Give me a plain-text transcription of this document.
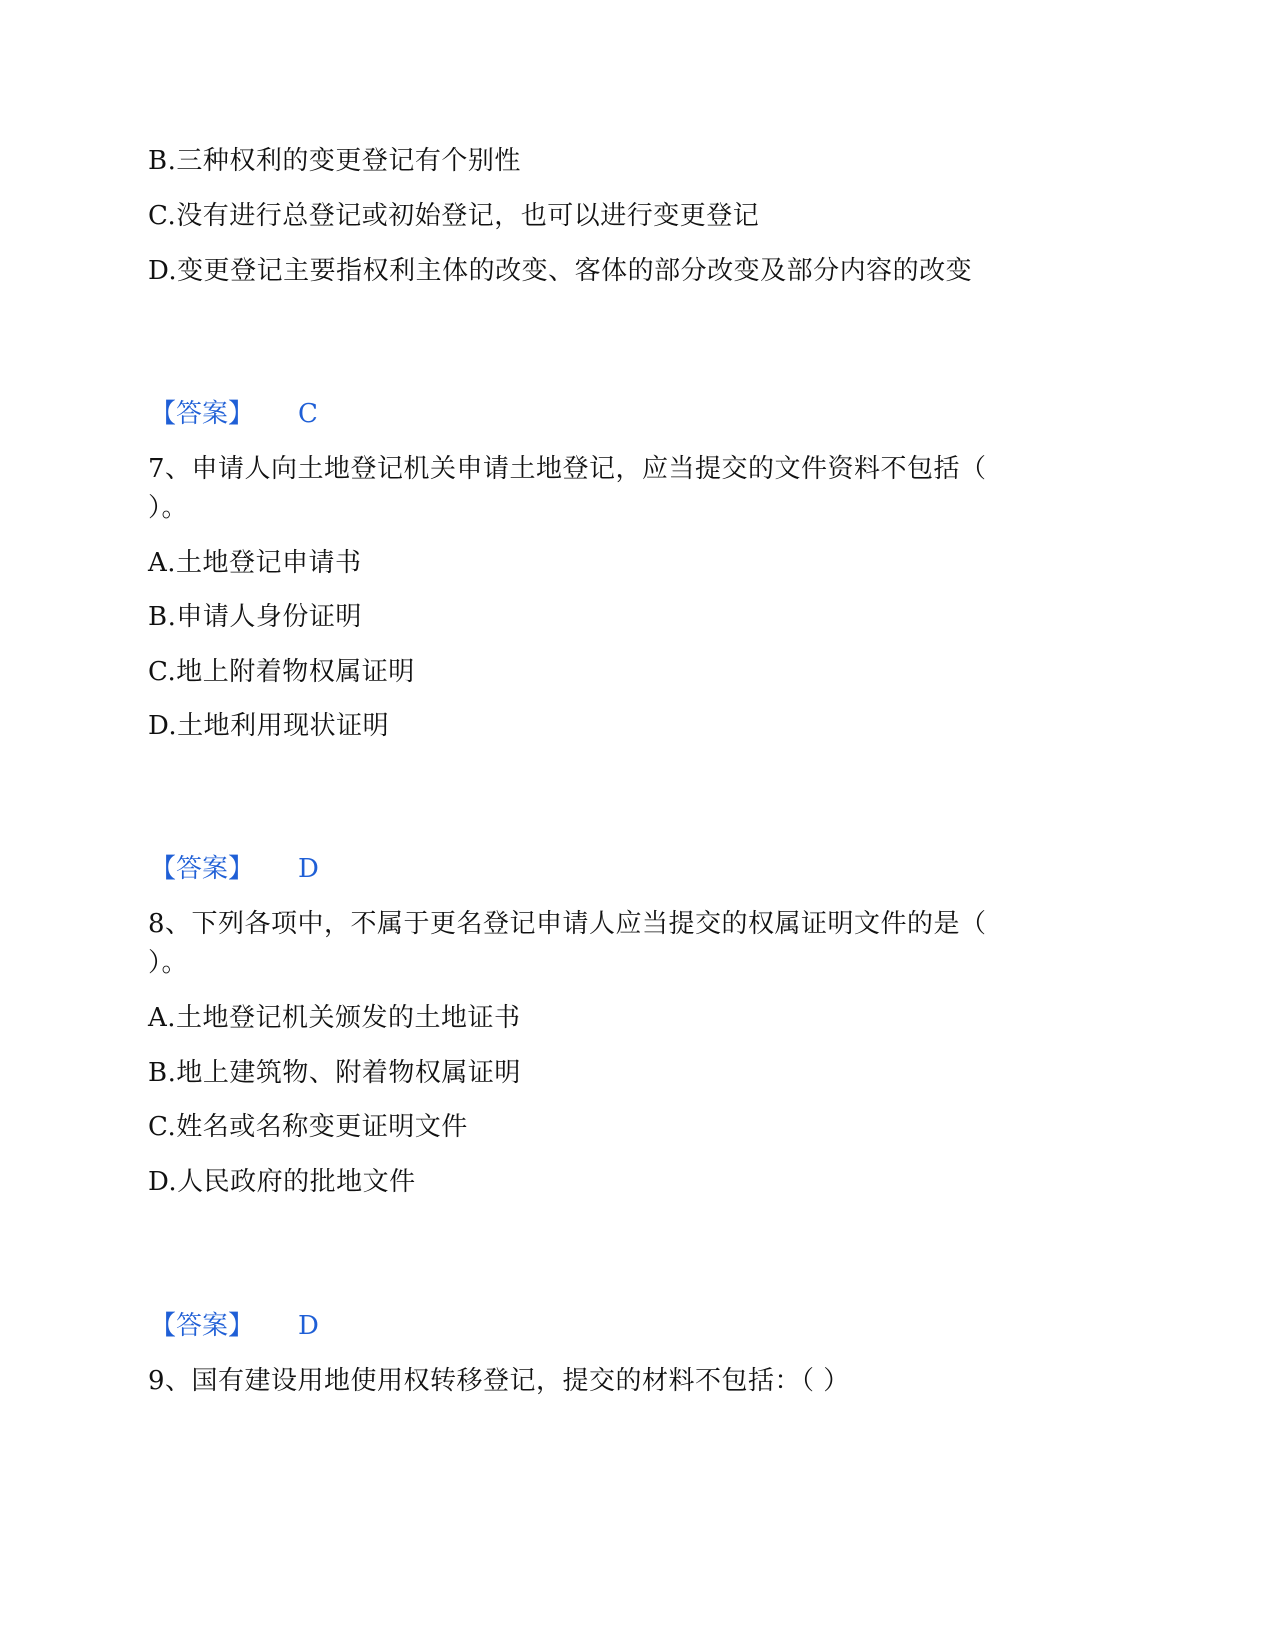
B.三种权利的变更登记有个别性
C.没有进行总登记或初始登记，也可以进行变更登记
D.变更登记主要指权利主体的改变、客体的部分改变及部分内容的改变
【答案】 C
7、申请人向土地登记机关申请土地登记，应当提交的文件资料不包括（
）。
A.土地登记申请书
B.申请人身份证明
C.地上附着物权属证明
D.土地利用现状证明
【答案】 D
8、下列各项中，不属于更名登记申请人应当提交的权属证明文件的是（
）。
A.土地登记机关颁发的土地证书
B.地上建筑物、附着物权属证明
C.姓名或名称变更证明文件
D.人民政府的批地文件
【答案】 D
9、国有建设用地使用权转移登记，提交的材料不包括：（ ）
